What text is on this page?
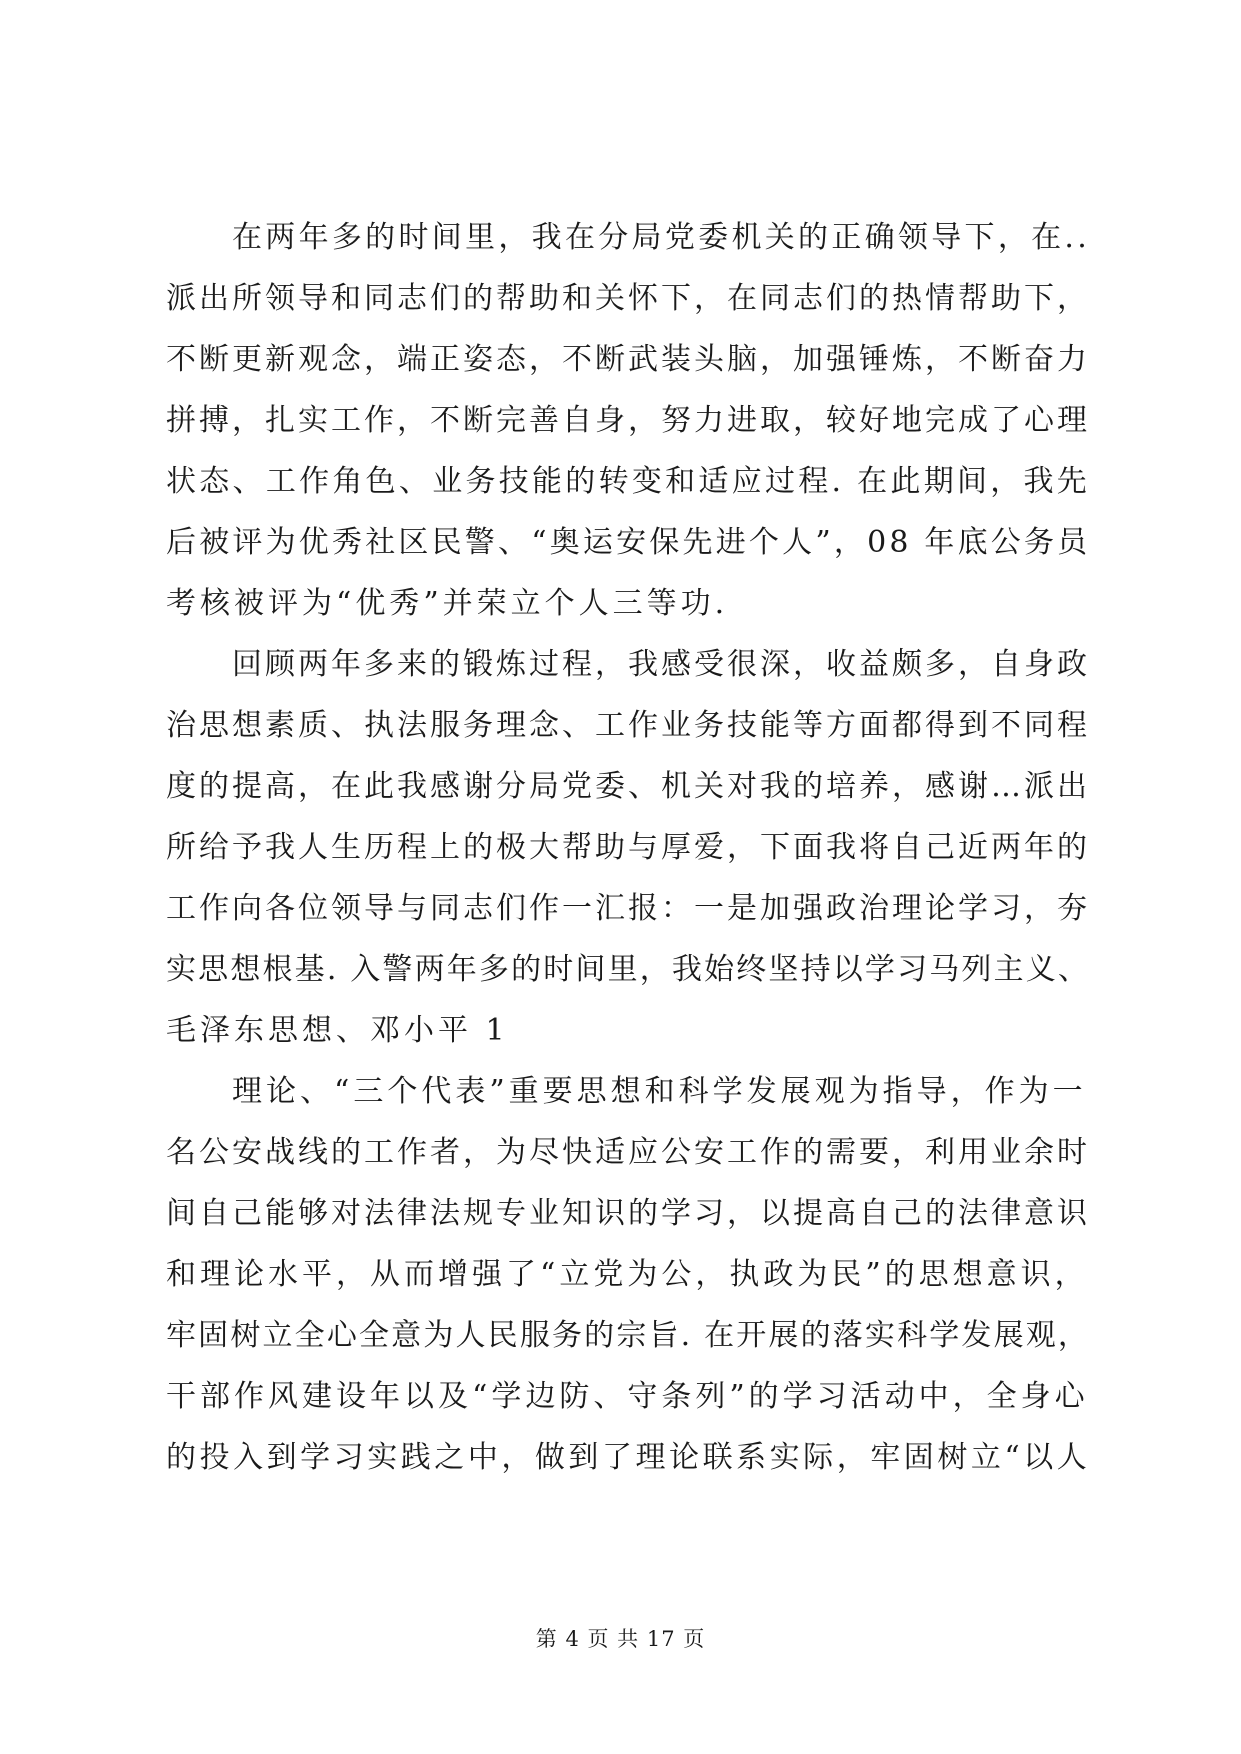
在两年多的时间里，我在分局党委机关的正确领导下，在..
派出所领导和同志们的帮助和关怀下，在同志们的热情帮助下，
不断更新观念，端正姿态，不断武装头脑，加强锤炼，不断奋力
拼搏，扎实工作，不断完善自身，努力进取，较好地完成了心理
状态、工作角色、业务技能的转变和适应过程. 在此期间，我先
后被评为优秀社区民警、“奥运安保先进个人”，08 年底公务员
考核被评为“优秀”并荣立个人三等功.
回顾两年多来的锻炼过程，我感受很深，收益颇多，自身政
治思想素质、执法服务理念、工作业务技能等方面都得到不同程
度的提高，在此我感谢分局党委、机关对我的培养，感谢…派出
所给予我人生历程上的极大帮助与厚爱，下面我将自己近两年的
工作向各位领导与同志们作一汇报：一是加强政治理论学习，夯
实思想根基. 入警两年多的时间里，我始终坚持以学习马列主义、
毛泽东思想、邓小平 1
理论、“三个代表”重要思想和科学发展观为指导，作为一
名公安战线的工作者，为尽快适应公安工作的需要，利用业余时
间自己能够对法律法规专业知识的学习，以提高自己的法律意识
和理论水平，从而增强了“立党为公，执政为民”的思想意识，
牢固树立全心全意为人民服务的宗旨. 在开展的落实科学发展观，
干部作风建设年以及“学边防、守条列”的学习活动中，全身心
的投入到学习实践之中，做到了理论联系实际，牢固树立“以人
第 4 页 共 17 页
